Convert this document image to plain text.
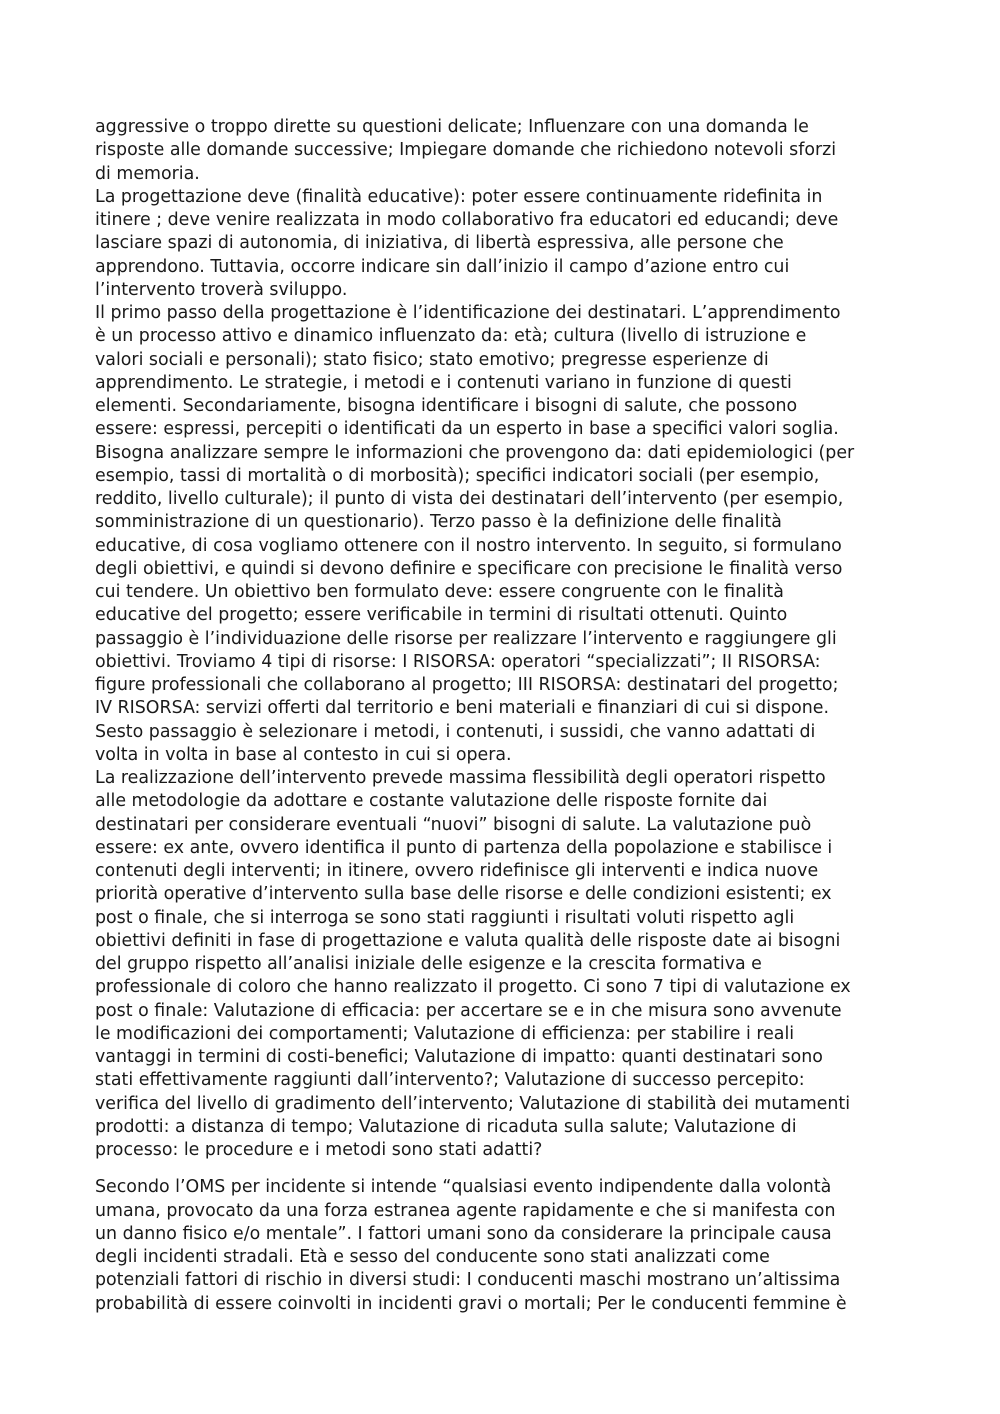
aggressive o troppo dirette su questioni delicate; Influenzare con una domanda le
risposte alle domande successive; Impiegare domande che richiedono notevoli sforzi
di memoria.

La progettazione deve (finalità educative): poter essere continuamente ridefinita in
itinere ; deve venire realizzata in modo collaborativo fra educatori ed educandi; deve
lasciare spazi di autonomia, di iniziativa, di libertà espressiva, alle persone che
apprendono. Tuttavia, occorre indicare sin dall’inizio il campo d’azione entro cui
l’intervento troverà sviluppo.

Il primo passo della progettazione è l’identificazione dei destinatari. L’apprendimento
è un processo attivo e dinamico influenzato da: età; cultura (livello di istruzione e
valori sociali e personali); stato fisico; stato emotivo; pregresse esperienze di
apprendimento. Le strategie, i metodi e i contenuti variano in funzione di questi
elementi. Secondariamente, bisogna identificare i bisogni di salute, che possono
essere: espressi, percepiti o identificati da un esperto in base a specifici valori soglia.
Bisogna analizzare sempre le informazioni che provengono da: dati epidemiologici (per
esempio, tassi di mortalità o di morbosità); specifici indicatori sociali (per esempio,
reddito, livello culturale); il punto di vista dei destinatari dell’intervento (per esempio,
somministrazione di un questionario). Terzo passo è la definizione delle finalità
educative, di cosa vogliamo ottenere con il nostro intervento. In seguito, si formulano
degli obiettivi, e quindi si devono definire e specificare con precisione le finalità verso
cui tendere. Un obiettivo ben formulato deve: essere congruente con le finalità
educative del progetto; essere verificabile in termini di risultati ottenuti. Quinto
passaggio è l’individuazione delle risorse per realizzare l’intervento e raggiungere gli
obiettivi. Troviamo 4 tipi di risorse: I RISORSA: operatori “specializzati”; II RISORSA:
figure professionali che collaborano al progetto; III RISORSA: destinatari del progetto;
IV RISORSA: servizi offerti dal territorio e beni materiali e finanziari di cui si dispone.
Sesto passaggio è selezionare i metodi, i contenuti, i sussidi, che vanno adattati di
volta in volta in base al contesto in cui si opera.

La realizzazione dell’intervento prevede massima flessibilità degli operatori rispetto
alle metodologie da adottare e costante valutazione delle risposte fornite dai
destinatari per considerare eventuali “nuovi” bisogni di salute. La valutazione può
essere: ex ante, ovvero identifica il punto di partenza della popolazione e stabilisce i
contenuti degli interventi; in itinere, ovvero ridefinisce gli interventi e indica nuove
priorità operative d’intervento sulla base delle risorse e delle condizioni esistenti; ex
post o finale, che si interroga se sono stati raggiunti i risultati voluti rispetto agli
obiettivi definiti in fase di progettazione e valuta qualità delle risposte date ai bisogni
del gruppo rispetto all’analisi iniziale delle esigenze e la crescita formativa e
professionale di coloro che hanno realizzato il progetto. Ci sono 7 tipi di valutazione ex
post o finale: Valutazione di efficacia: per accertare se e in che misura sono avvenute
le modificazioni dei comportamenti; Valutazione di efficienza: per stabilire i reali
vantaggi in termini di costi-benefici; Valutazione di impatto: quanti destinatari sono
stati effettivamente raggiunti dall’intervento?; Valutazione di successo percepito:
verifica del livello di gradimento dell’intervento; Valutazione di stabilità dei mutamenti
prodotti: a distanza di tempo; Valutazione di ricaduta sulla salute; Valutazione di
processo: le procedure e i metodi sono stati adatti?

Secondo l’OMS per incidente si intende “qualsiasi evento indipendente dalla volontà
umana, provocato da una forza estranea agente rapidamente e che si manifesta con
un danno fisico e/o mentale”. I fattori umani sono da considerare la principale causa
degli incidenti stradali. Età e sesso del conducente sono stati analizzati come
potenziali fattori di rischio in diversi studi: I conducenti maschi mostrano un’altissima
probabilità di essere coinvolti in incidenti gravi o mortali; Per le conducenti femmine è
